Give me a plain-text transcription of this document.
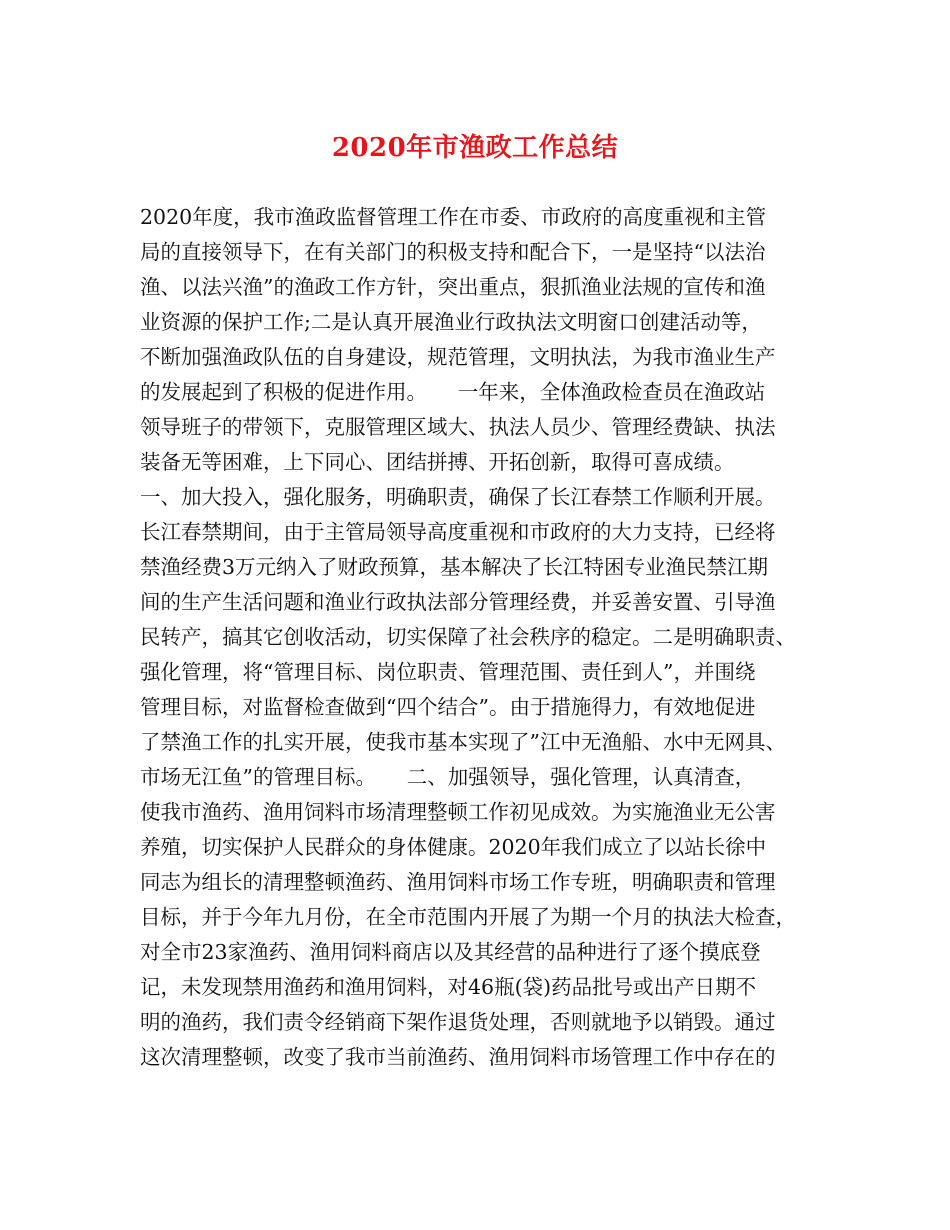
2020年市渔政工作总结
2020年度，我市渔政监督管理工作在市委、市政府的高度重视和主管
局的直接领导下，在有关部门的积极支持和配合下，一是坚持“以法治
渔、以法兴渔”的渔政工作方针，突出重点，狠抓渔业法规的宣传和渔
业资源的保护工作;二是认真开展渔业行政执法文明窗口创建活动等，
不断加强渔政队伍的自身建设，规范管理，文明执法，为我市渔业生产
的发展起到了积极的促进作用。　　一年来，全体渔政检查员在渔政站
领导班子的带领下，克服管理区域大、执法人员少、管理经费缺、执法
装备无等困难，上下同心、团结拼搏、开拓创新，取得可喜成绩。
一、加大投入，强化服务，明确职责，确保了长江春禁工作顺利开展。
长江春禁期间，由于主管局领导高度重视和市政府的大力支持，已经将
禁渔经费3万元纳入了财政预算，基本解决了长江特困专业渔民禁江期
间的生产生活问题和渔业行政执法部分管理经费，并妥善安置、引导渔
民转产，搞其它创收活动，切实保障了社会秩序的稳定。二是明确职责、
强化管理，将“管理目标、岗位职责、管理范围、责任到人”，并围绕
管理目标，对监督检查做到“四个结合”。由于措施得力，有效地促进
了禁渔工作的扎实开展，使我市基本实现了”江中无渔船、水中无网具、
市场无江鱼”的管理目标。　　二、加强领导，强化管理，认真清查，
使我市渔药、渔用饲料市场清理整顿工作初见成效。为实施渔业无公害
养殖，切实保护人民群众的身体健康。2020年我们成立了以站长徐中
同志为组长的清理整顿渔药、渔用饲料市场工作专班，明确职责和管理
目标，并于今年九月份，在全市范围内开展了为期一个月的执法大检查，
对全市23家渔药、渔用饲料商店以及其经营的品种进行了逐个摸底登
记，未发现禁用渔药和渔用饲料，对46瓶(袋)药品批号或出产日期不
明的渔药，我们责令经销商下架作退货处理，否则就地予以销毁。通过
这次清理整顿，改变了我市当前渔药、渔用饲料市场管理工作中存在的
